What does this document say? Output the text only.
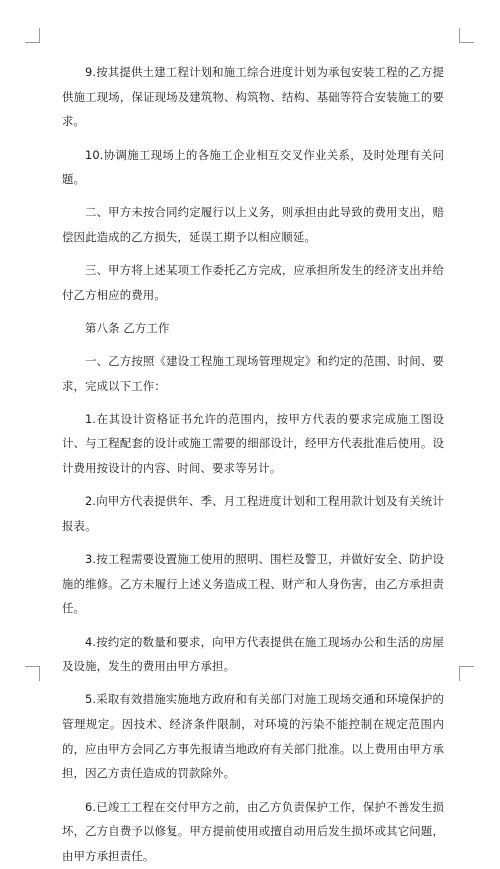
9.按其提供土建工程计划和施工综合进度计划为承包安装工程的乙方提供施工现场，保证现场及建筑物、构筑物、结构、基础等符合安装施工的要求。

10.协调施工现场上的各施工企业相互交叉作业关系，及时处理有关问题。

二、甲方未按合同约定履行以上义务，则承担由此导致的费用支出，赔偿因此造成的乙方损失，延误工期予以相应顺延。

三、甲方将上述某项工作委托乙方完成，应承担所发生的经济支出并给付乙方相应的费用。

第八条 乙方工作

一、乙方按照《建设工程施工现场管理规定》和约定的范围、时间、要求，完成以下工作：

1.在其设计资格证书允许的范围内，按甲方代表的要求完成施工图设计、与工程配套的设计或施工需要的细部设计，经甲方代表批准后使用。设计费用按设计的内容、时间、要求等另计。

2.向甲方代表提供年、季、月工程进度计划和工程用款计划及有关统计报表。

3.按工程需要设置施工使用的照明、围栏及警卫，并做好安全、防护设施的维修。乙方未履行上述义务造成工程、财产和人身伤害，由乙方承担责任。

4.按约定的数量和要求，向甲方代表提供在施工现场办公和生活的房屋及设施，发生的费用由甲方承担。

5.采取有效措施实施地方政府和有关部门对施工现场交通和环境保护的管理规定。因技术、经济条件限制，对环境的污染不能控制在规定范围内的，应由甲方会同乙方事先报请当地政府有关部门批准。以上费用由甲方承担，因乙方责任造成的罚款除外。

6.已竣工工程在交付甲方之前，由乙方负责保护工作，保护不善发生损坏，乙方自费予以修复。甲方提前使用或擅自动用后发生损坏或其它问题，由甲方承担责任。
